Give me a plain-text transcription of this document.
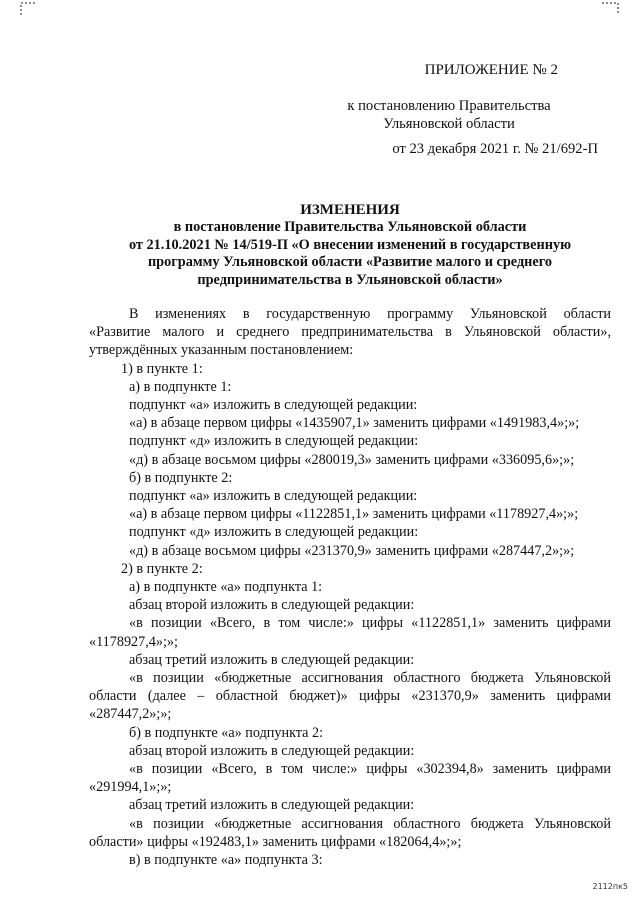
ПРИЛОЖЕНИЕ № 2
к постановлению Правительства
Ульяновской области
от 23 декабря 2021 г. № 21/692-П
ИЗМЕНЕНИЯ
в постановление Правительства Ульяновской области
от 21.10.2021 № 14/519-П «О внесении изменений в государственную
программу Ульяновской области «Развитие малого и среднего
предпринимательства в Ульяновской области»

В изменениях в государственную программу Ульяновской области

«Развитие малого и среднего предпринимательства в Ульяновской области»,

утверждённых указанным постановлением:

1) в пункте 1:

а) в подпункте 1:

подпункт «а» изложить в следующей редакции:

«а) в абзаце первом цифры «1435907,1» заменить цифрами «1491983,4»;»;

подпункт «д» изложить в следующей редакции:

«д) в абзаце восьмом цифры «280019,3» заменить цифрами «336095,6»;»;

б) в подпункте 2:

подпункт «а» изложить в следующей редакции:

«а) в абзаце первом цифры «1122851,1» заменить цифрами «1178927,4»;»;

подпункт «д» изложить в следующей редакции:

«д) в абзаце восьмом цифры «231370,9» заменить цифрами «287447,2»;»;

2) в пункте 2:

а) в подпункте «а» подпункта 1:

абзац второй изложить в следующей редакции:

«в позиции «Всего, в том числе:» цифры «1122851,1» заменить цифрами

«1178927,4»;»;

абзац третий изложить в следующей редакции:

«в позиции «бюджетные ассигнования областного бюджета Ульяновской

области (далее – областной бюджет)» цифры «231370,9» заменить цифрами

«287447,2»;»;

б) в подпункте «а» подпункта 2:

абзац второй изложить в следующей редакции:

«в позиции «Всего, в том числе:» цифры «302394,8» заменить цифрами

«291994,1»;»;

абзац третий изложить в следующей редакции:

«в позиции «бюджетные ассигнования областного бюджета Ульяновской

области» цифры «192483,1» заменить цифрами «182064,4»;»;

в) в подпункте «а» подпункта 3:

2112пк5
